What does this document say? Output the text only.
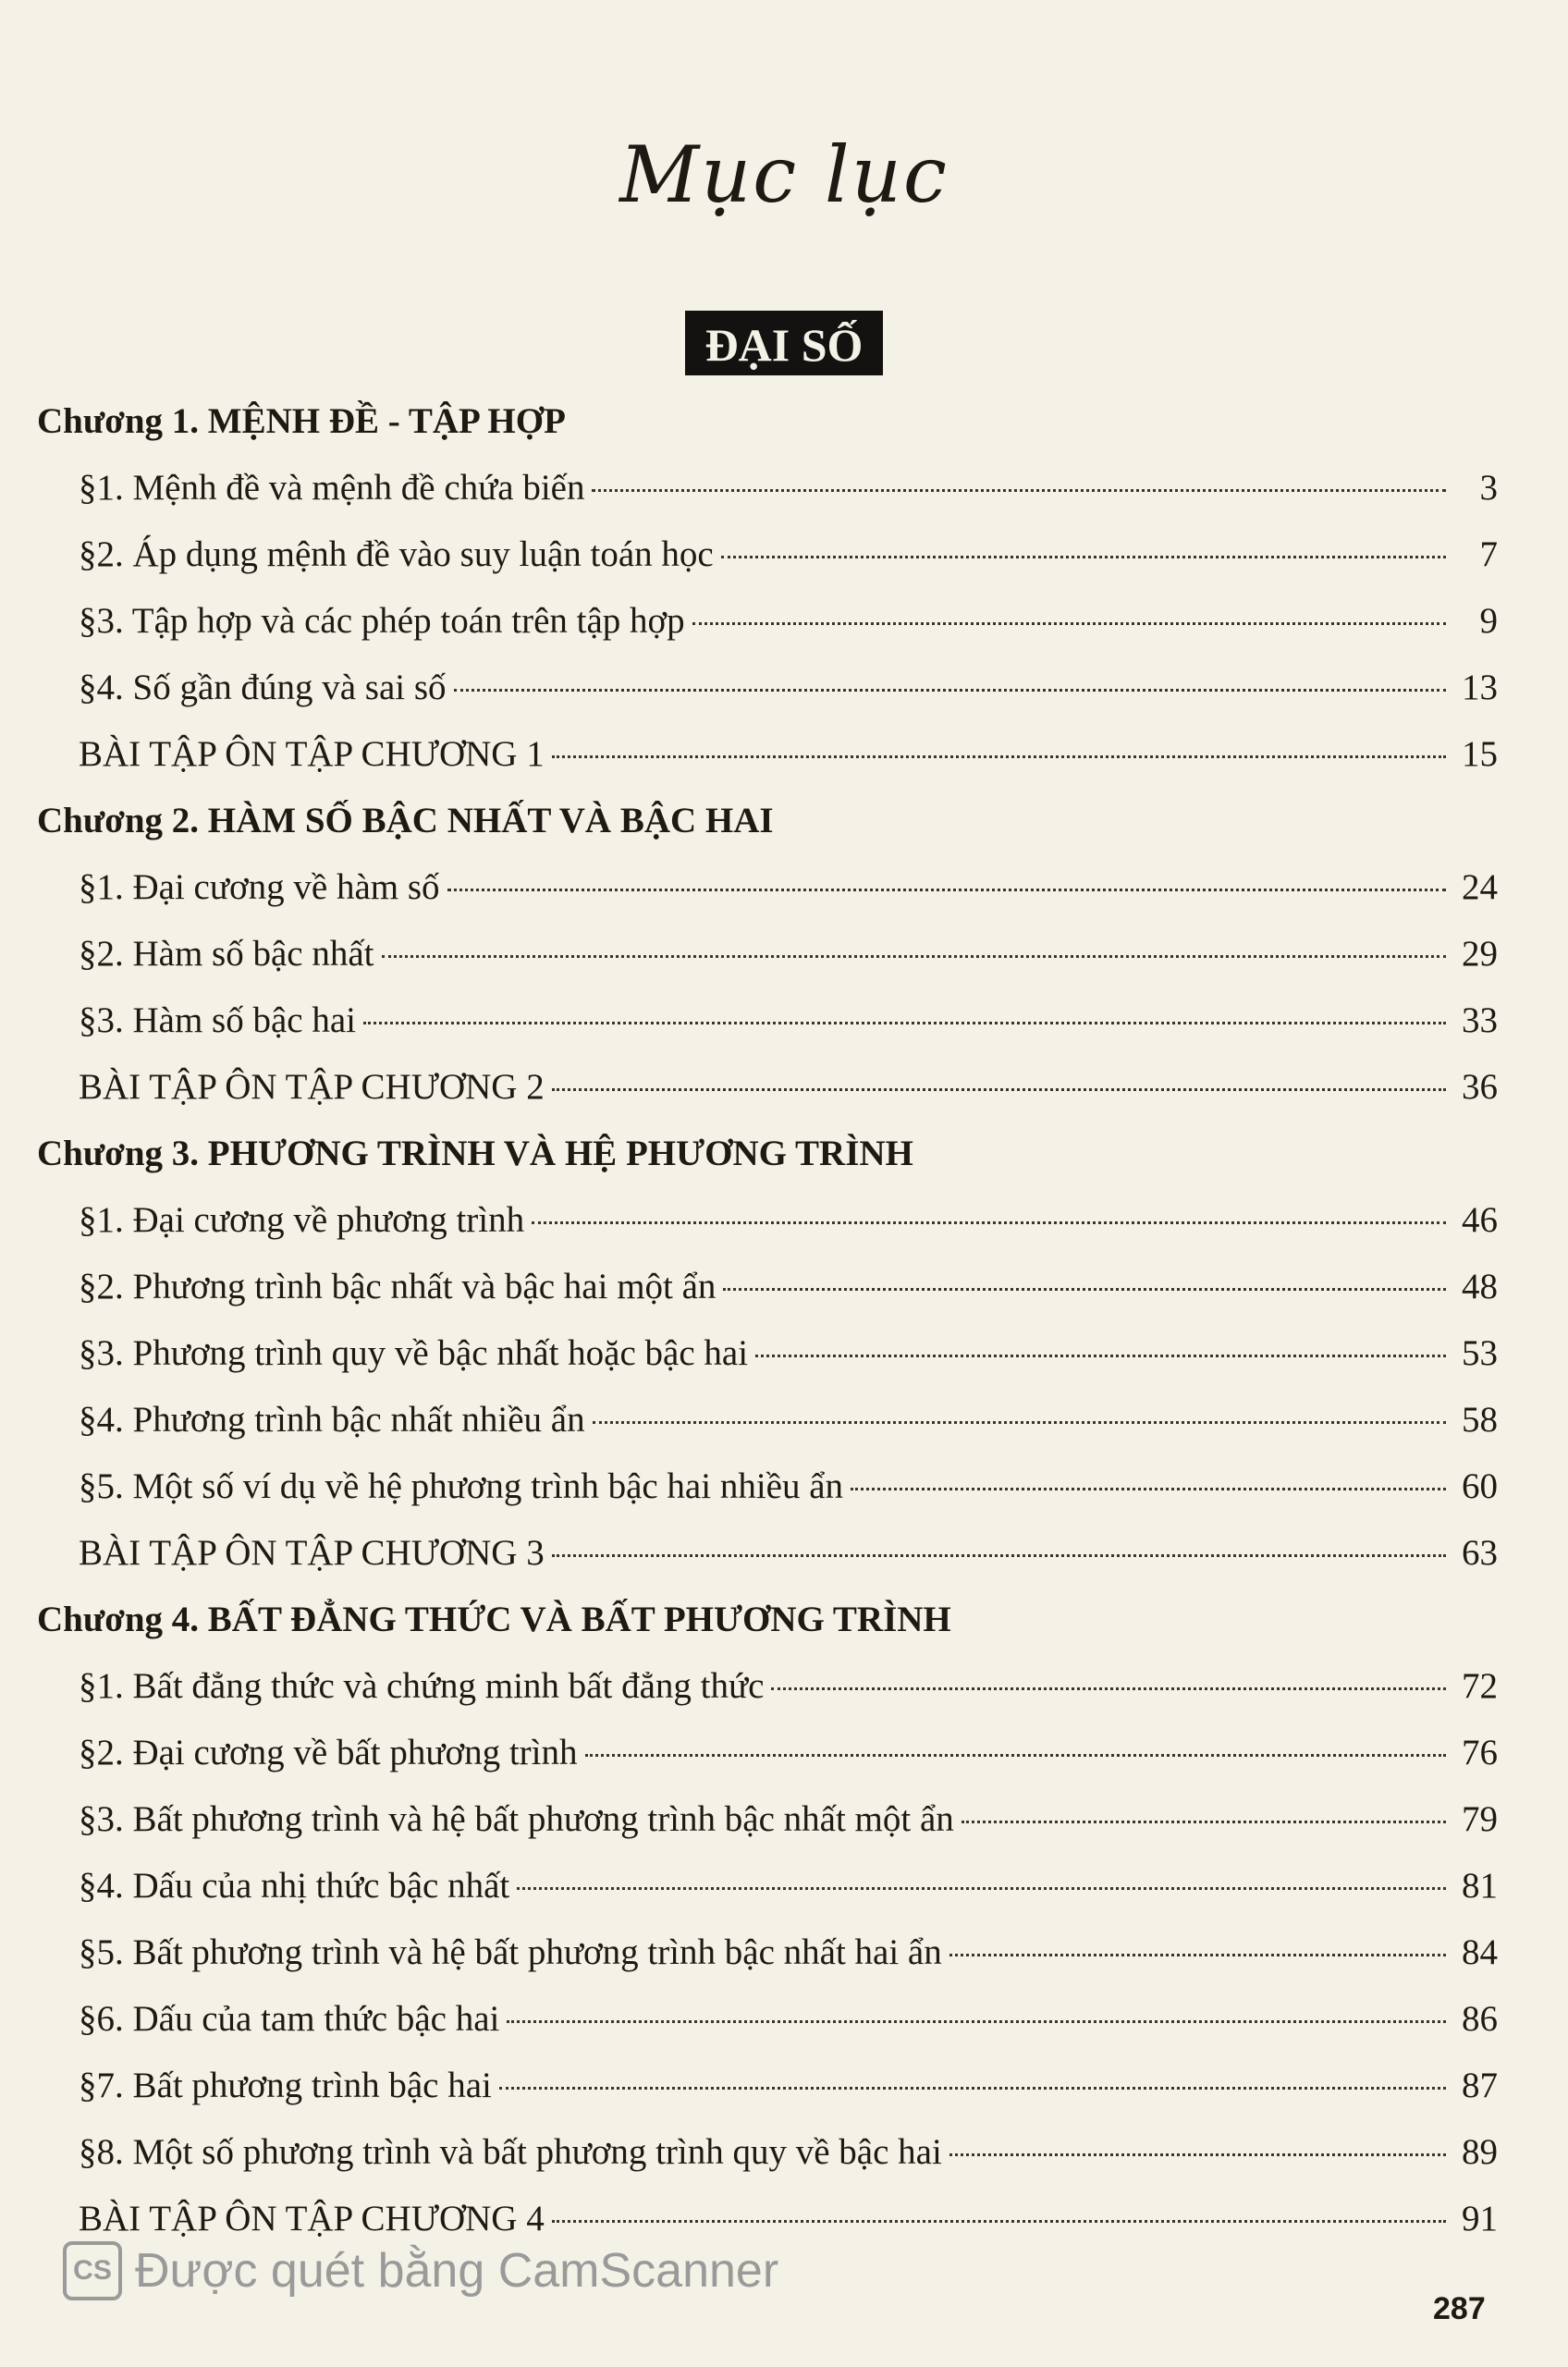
Mục lục
ĐẠI SỐ
Chương 1. MỆNH ĐỀ - TẬP HỢP
§1. Mệnh đề và mệnh đề chứa biến	3
§2. Áp dụng mệnh đề vào suy luận toán học	7
§3. Tập hợp và các phép toán trên tập hợp	9
§4. Số gần đúng và sai số	13
BÀI TẬP ÔN TẬP CHƯƠNG 1	15
Chương 2. HÀM SỐ BẬC NHẤT VÀ BẬC HAI
§1. Đại cương về hàm số	24
§2. Hàm số bậc nhất	29
§3. Hàm số bậc hai	33
BÀI TẬP ÔN TẬP CHƯƠNG 2	36
Chương 3. PHƯƠNG TRÌNH VÀ HỆ PHƯƠNG TRÌNH
§1. Đại cương về phương trình	46
§2. Phương trình bậc nhất và bậc hai một ẩn	48
§3. Phương trình quy về bậc nhất hoặc bậc hai	53
§4. Phương trình bậc nhất nhiều ẩn	58
§5. Một số ví dụ về hệ phương trình bậc hai nhiều ẩn	60
BÀI TẬP ÔN TẬP CHƯƠNG 3	63
Chương 4. BẤT ĐẲNG THỨC VÀ BẤT PHƯƠNG TRÌNH
§1. Bất đẳng thức và chứng minh bất đẳng thức	72
§2. Đại cương về bất phương trình	76
§3. Bất phương trình và hệ bất phương trình bậc nhất một ẩn	79
§4. Dấu của nhị thức bậc nhất	81
§5. Bất phương trình và hệ bất phương trình bậc nhất hai ẩn	84
§6. Dấu của tam thức bậc hai	86
§7. Bất phương trình bậc hai	87
§8. Một số phương trình và bất phương trình quy về bậc hai	89
BÀI TẬP ÔN TẬP CHƯƠNG 4	91
CS Được quét bằng CamScanner
287
